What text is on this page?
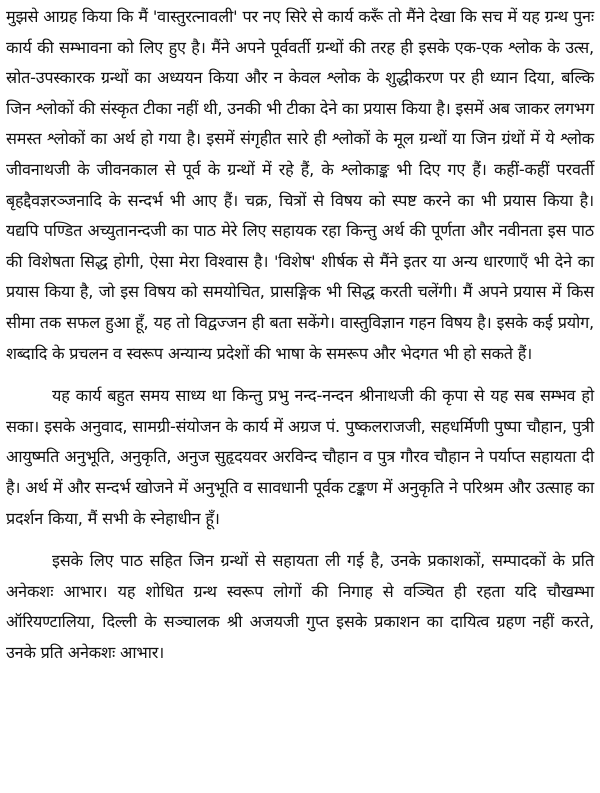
मुझसे आग्रह किया कि मैं 'वास्तुरत्नावली' पर नए सिरे से कार्य करूँ तो मैंने देखा कि सच में यह ग्रन्थ पुनः कार्य की सम्भावना को लिए हुए है। मैंने अपने पूर्ववर्ती ग्रन्थों की तरह ही इसके एक-एक श्लोक के उत्स, स्रोत-उपस्कारक ग्रन्थों का अध्ययन किया और न केवल श्लोक के शुद्धीकरण पर ही ध्यान दिया, बल्कि जिन श्लोकों की संस्कृत टीका नहीं थी, उनकी भी टीका देने का प्रयास किया है। इसमें अब जाकर लगभग समस्त श्लोकों का अर्थ हो गया है। इसमें संगृहीत सारे ही श्लोकों के मूल ग्रन्थों या जिन ग्रंथों में ये श्लोक जीवनाथजी के जीवनकाल से पूर्व के ग्रन्थों में रहे हैं, के श्लोकाङ्क भी दिए गए हैं। कहीं-कहीं परवर्ती बृहद्दैवज्ञरञ्जनादि के सन्दर्भ भी आए हैं। चक्र, चित्रों से विषय को स्पष्ट करने का भी प्रयास किया है। यद्यपि पण्डित अच्युतानन्दजी का पाठ मेरे लिए सहायक रहा किन्तु अर्थ की पूर्णता और नवीनता इस पाठ की विशेषता सिद्ध होगी, ऐसा मेरा विश्वास है। 'विशेष' शीर्षक से मैंने इतर या अन्य धारणाएँ भी देने का प्रयास किया है, जो इस विषय को समयोचित, प्रासङ्गिक भी सिद्ध करती चलेंगी। मैं अपने प्रयास में किस सीमा तक सफल हुआ हूँ, यह तो विद्वज्जन ही बता सकेंगे। वास्तुविज्ञान गहन विषय है। इसके कई प्रयोग, शब्दादि के प्रचलन व स्वरूप अन्यान्य प्रदेशों की भाषा के समरूप और भेदगत भी हो सकते हैं।

यह कार्य बहुत समय साध्य था किन्तु प्रभु नन्द-नन्दन श्रीनाथजी की कृपा से यह सब सम्भव हो सका। इसके अनुवाद, सामग्री-संयोजन के कार्य में अग्रज पं. पुष्कलराजजी, सहधर्मिणी पुष्पा चौहान, पुत्री आयुष्मति अनुभूति, अनुकृति, अनुज सुहृदयवर अरविन्द चौहान व पुत्र गौरव चौहान ने पर्याप्त सहायता दी है। अर्थ में और सन्दर्भ खोजने में अनुभूति व सावधानी पूर्वक टङ्कण में अनुकृति ने परिश्रम और उत्साह का प्रदर्शन किया, मैं सभी के स्नेहाधीन हूँ।

इसके लिए पाठ सहित जिन ग्रन्थों से सहायता ली गई है, उनके प्रकाशकों, सम्पादकों के प्रति अनेकशः आभार। यह शोधित ग्रन्थ स्वरूप लोगों की निगाह से वञ्चित ही रहता यदि चौखम्भा ऑरियण्टालिया, दिल्ली के सञ्चालक श्री अजयजी गुप्त इसके प्रकाशन का दायित्व ग्रहण नहीं करते, उनके प्रति अनेकशः आभार।
